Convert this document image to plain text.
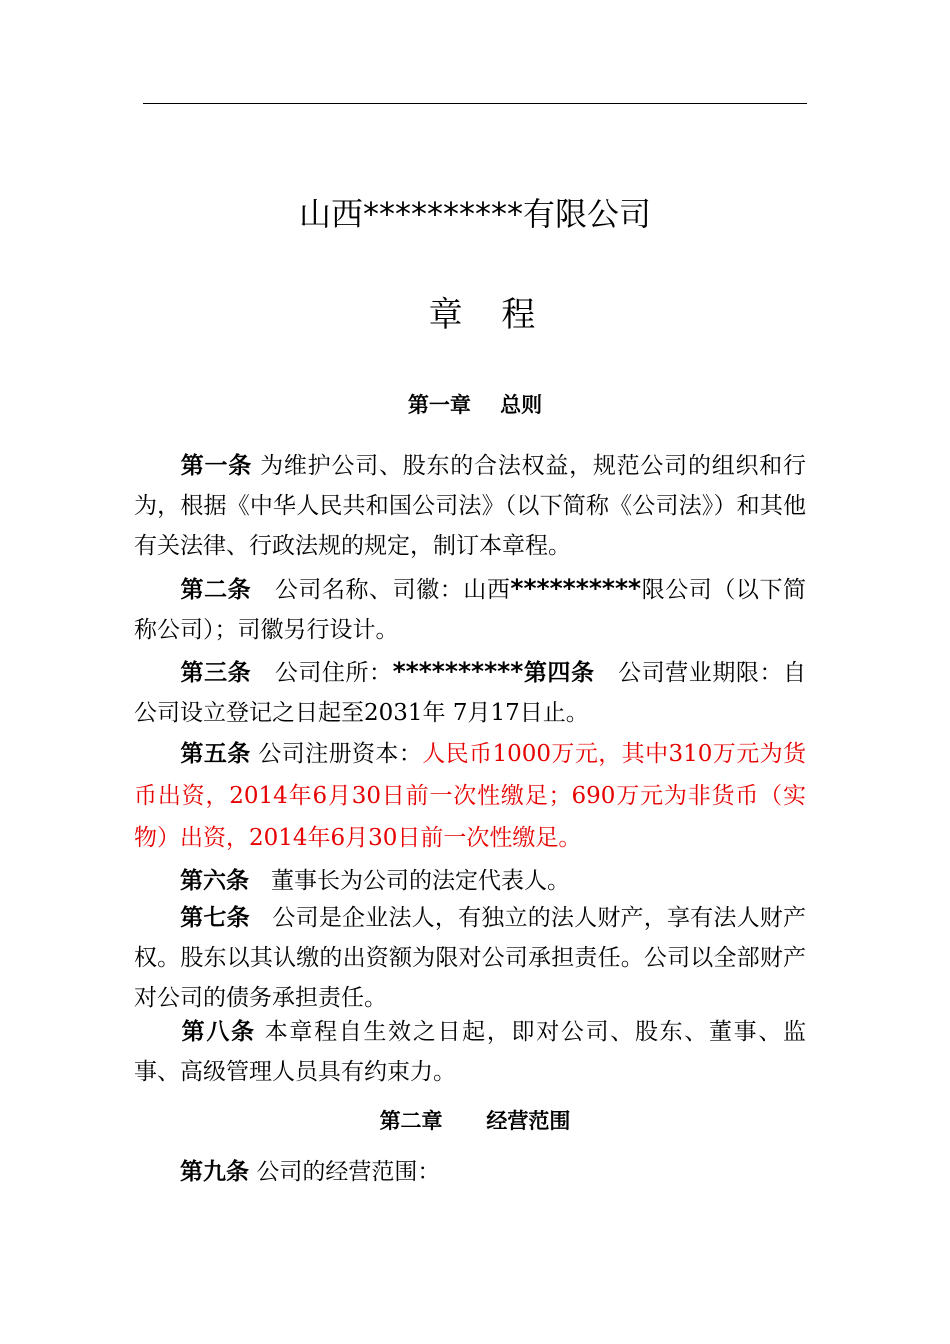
山西**********有限公司
章 程
第一章    总则
第一条 为维护公司、股东的合法权益，规范公司的组织和行为，根据《中华人民共和国公司法》（以下简称《公司法》）和其他有关法律、行政法规的规定，制订本章程。
第二条 公司名称、司徽：山西**********限公司（以下简称公司）；司徽另行设计。
第三条 公司住所：**********第四条 公司营业期限：自公司设立登记之日起至2031年 7月17日止。
第五条 公司注册资本：人民币1000万元，其中310万元为货币出资，2014年6月30日前一次性缴足；690万元为非货币（实物）出资，2014年6月30日前一次性缴足。
第六条 董事长为公司的法定代表人。
第七条 公司是企业法人，有独立的法人财产，享有法人财产权。股东以其认缴的出资额为限对公司承担责任。公司以全部财产对公司的债务承担责任。
第八条 本章程自生效之日起，即对公司、股东、董事、监事、高级管理人员具有约束力。
第二章      经营范围
第九条 公司的经营范围：
